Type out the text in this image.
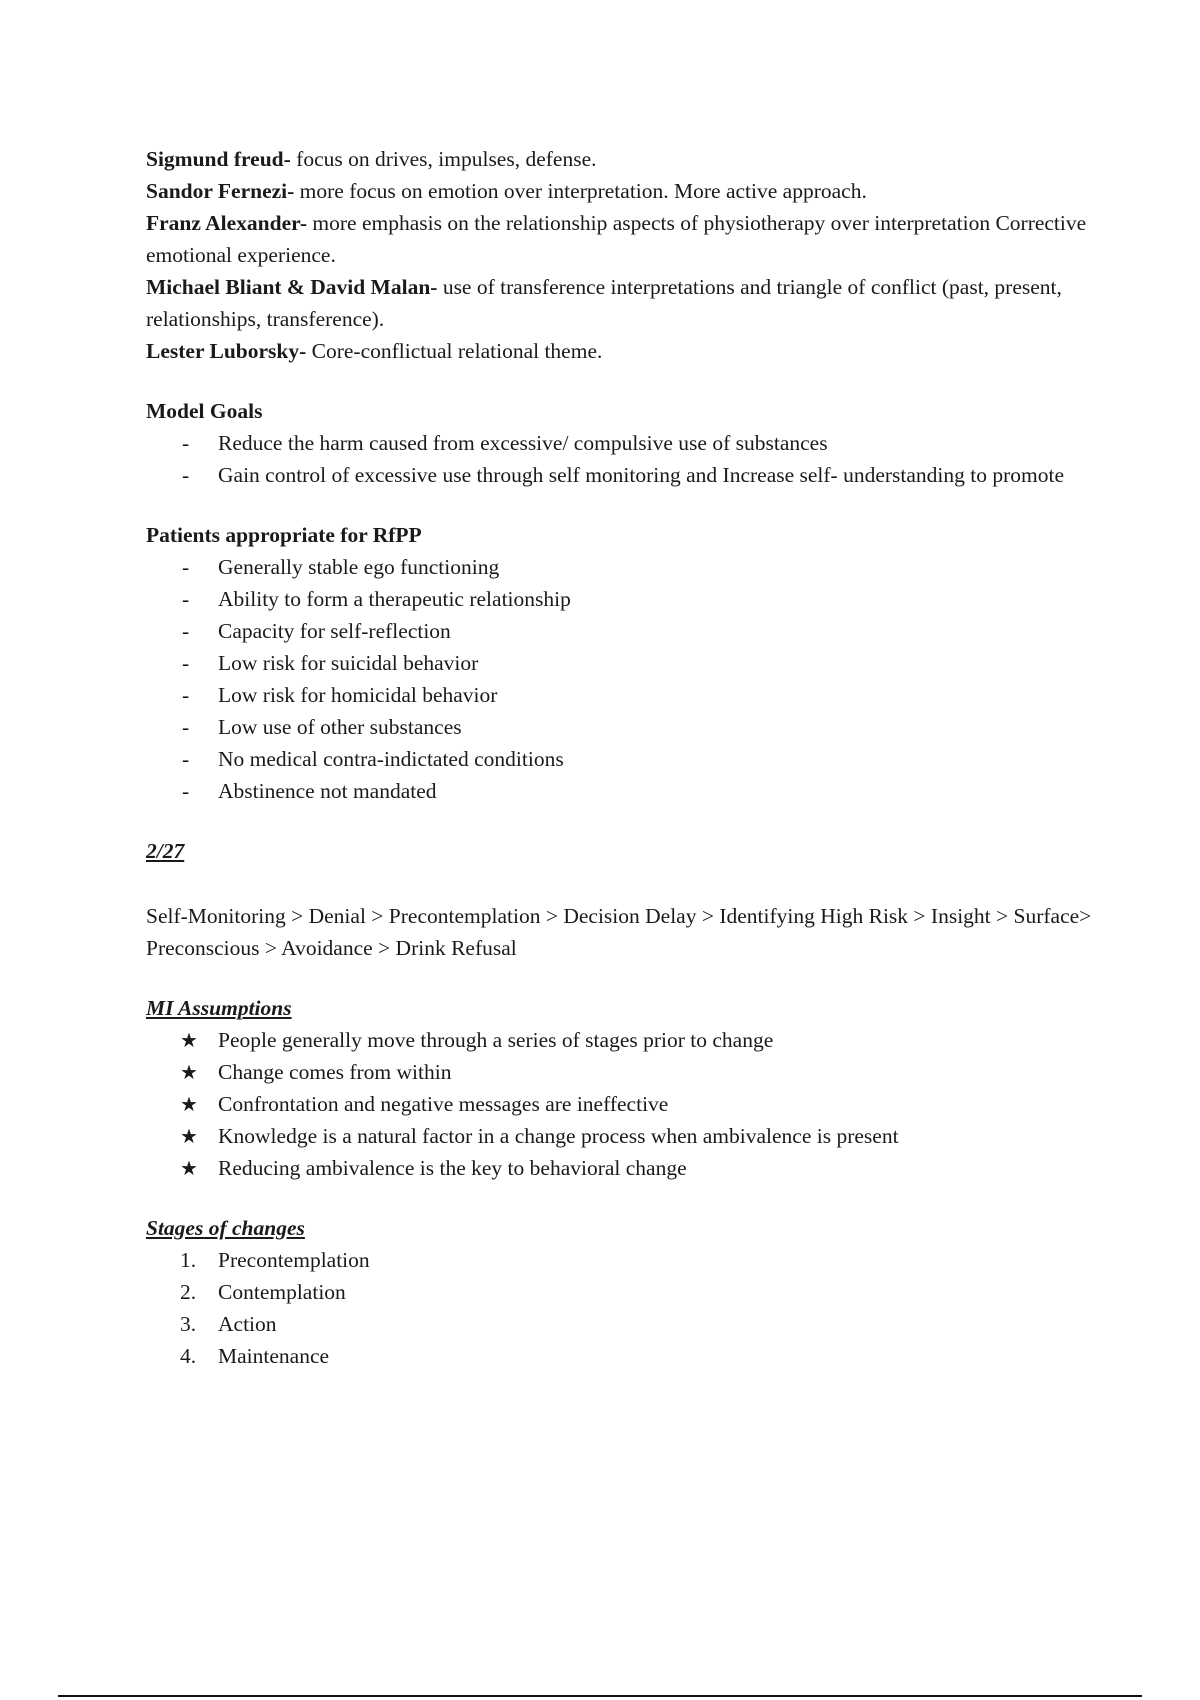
Sigmund freud- focus on drives, impulses, defense.

Sandor Fernezi- more focus on emotion over interpretation. More active approach.

Franz Alexander- more emphasis on the relationship aspects of physiotherapy over interpretation Corrective emotional experience.

Michael Bliant & David Malan- use of transference interpretations and triangle of conflict (past, present, relationships, transference).

Lester Luborsky- Core-conflictual relational theme.

Model Goals

-	Reduce the harm caused from excessive/ compulsive use of substances
-	Gain control of excessive use through self monitoring and Increase self- understanding to promote

Patients appropriate for RfPP

-	Generally stable ego functioning
-	Ability to form a therapeutic relationship
-	Capacity for self-reflection
-	Low risk for suicidal behavior
-	Low risk for homicidal behavior
-	Low use of other substances
-	No medical contra-indictated conditions
-	Abstinence not mandated

2/27

Self-Monitoring > Denial > Precontemplation > Decision Delay > Identifying High Risk > Insight > Surface> Preconscious > Avoidance > Drink Refusal

MI Assumptions

★ People generally move through a series of stages prior to change
★ Change comes from within
★ Confrontation and negative messages are ineffective
★ Knowledge is a natural factor in a change process when ambivalence is present
★ Reducing ambivalence is the key to behavioral change

Stages of changes

1.	Precontemplation
2.	Contemplation
3.	Action
4.	Maintenance
